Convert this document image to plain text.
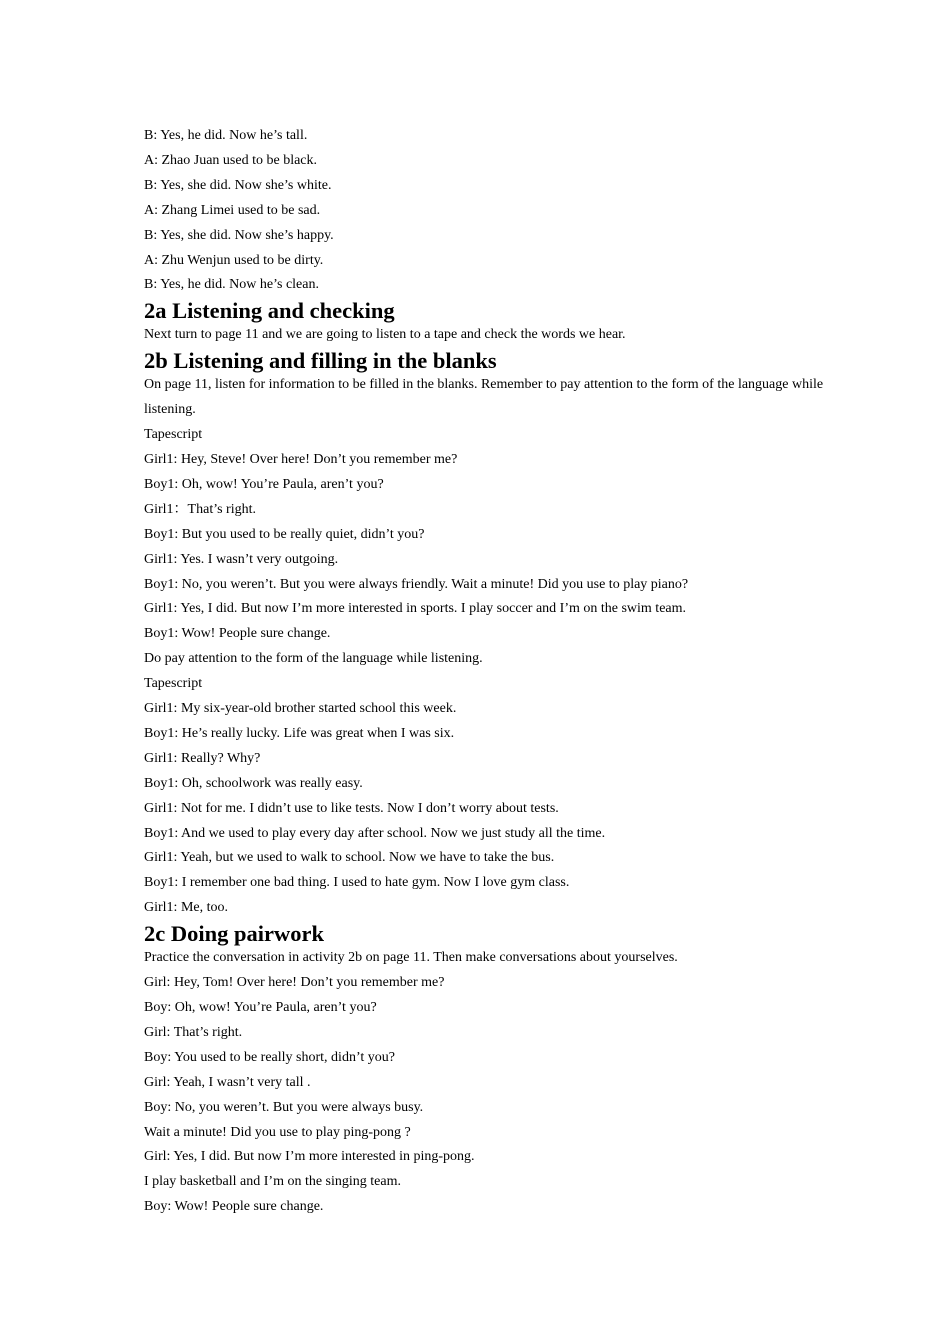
B: Yes, he did. Now he’s tall.

A: Zhao Juan used to be black.

B: Yes, she did. Now she’s white.

A: Zhang Limei used to be sad.

B: Yes, she did. Now she’s happy.

A: Zhu Wenjun used to be dirty.

B: Yes, he did. Now he’s clean.

2a Listening and checking

Next turn to page 11 and we are going to listen to a tape and check the words we hear.

2b Listening and filling in the blanks

On page 11, listen for information to be filled in the blanks. Remember to pay attention to the form of the language while listening.

Tapescript

Girl1: Hey, Steve! Over here! Don’t you remember me?

Boy1: Oh, wow! You’re Paula, aren’t you?

Girl1：That’s right.

Boy1: But you used to be really quiet, didn’t you?

Girl1: Yes. I wasn’t very outgoing.

Boy1: No, you weren’t. But you were always friendly. Wait a minute! Did you use to play piano?

Girl1: Yes, I did. But now I’m more interested in sports. I play soccer and I’m on the swim team.

Boy1: Wow! People sure change.

Do pay attention to the form of the language while listening.

Tapescript

Girl1: My six-year-old brother started school this week.

Boy1: He’s really lucky. Life was great when I was six.

Girl1: Really? Why?

Boy1: Oh, schoolwork was really easy.

Girl1: Not for me. I didn’t use to like tests. Now I don’t worry about tests.

Boy1: And we used to play every day after school. Now we just study all the time.

Girl1: Yeah, but we used to walk to school. Now we have to take the bus.

Boy1: I remember one bad thing. I used to hate gym. Now I love gym class.

Girl1: Me, too.

2c Doing pairwork

Practice the conversation in activity 2b on page 11. Then make conversations about yourselves.

Girl: Hey, Tom! Over here! Don’t you remember me?

Boy: Oh, wow! You’re Paula, aren’t you?

Girl: That’s right.

Boy: You used to be really short, didn’t you?

Girl: Yeah, I wasn’t very tall .

Boy: No, you weren’t. But you were always busy.

Wait a minute! Did you use to play ping-pong ?

Girl: Yes, I did. But now I’m more interested in ping-pong.

I play basketball and I’m on the singing team.

Boy: Wow! People sure change.
